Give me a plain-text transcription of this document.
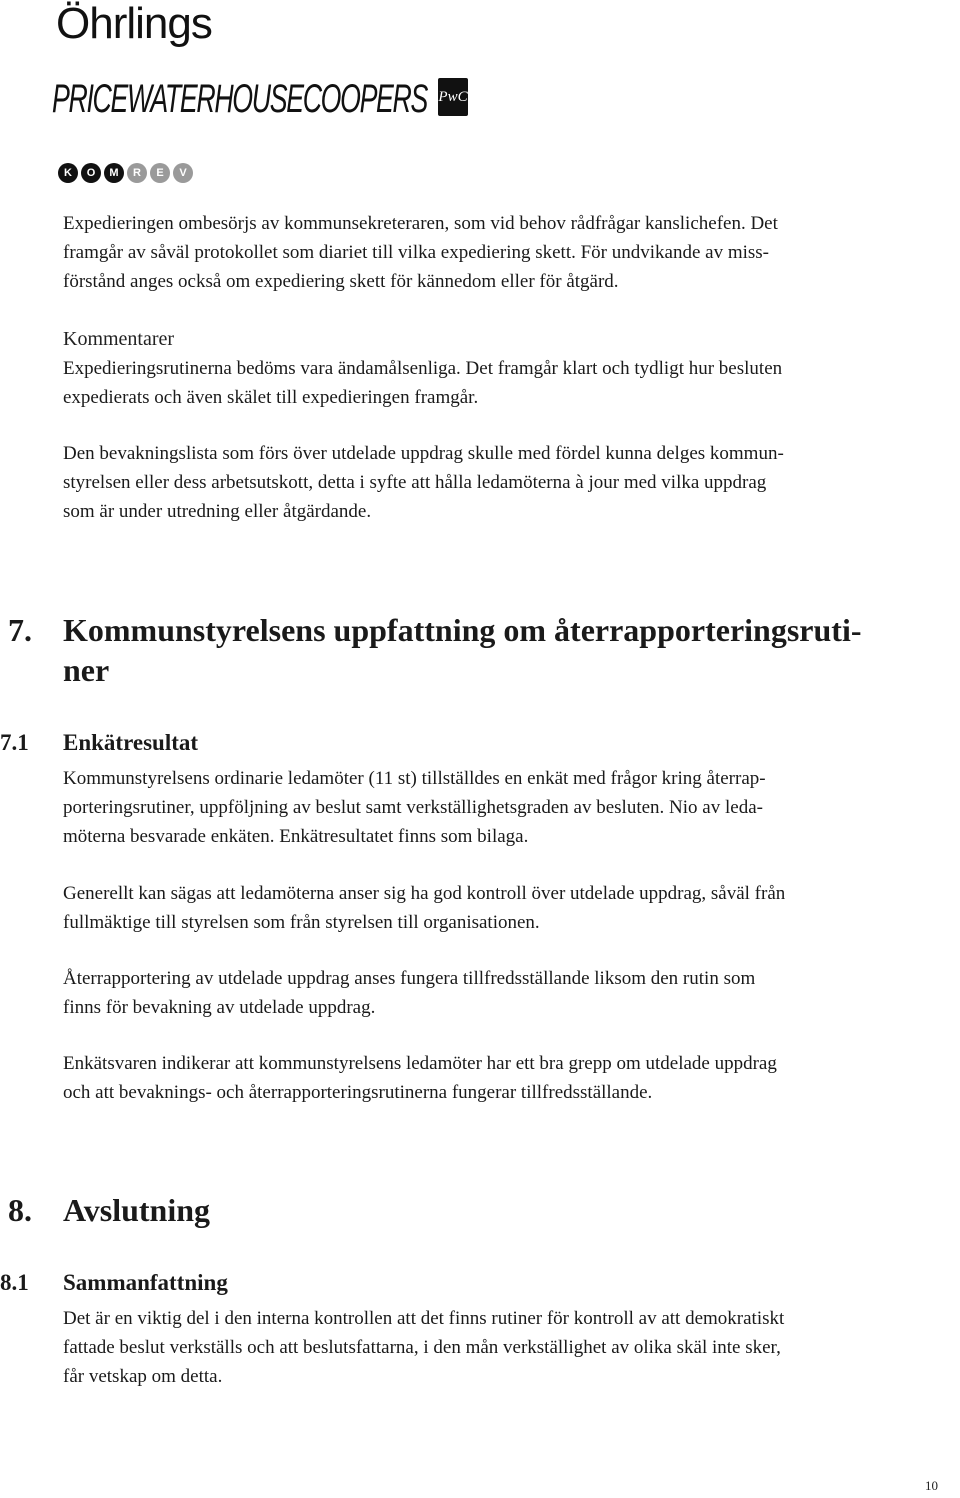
Öhrlings
PRICEWATERHOUSECOOPERS PwC
K	O	M	R	E	V
Expedieringen ombesörjs av kommunsekreteraren, som vid behov rådfrågar kanslichefen. Det
framgår av såväl protokollet som diariet till vilka expediering skett. För undvikande av miss-
förstånd anges också om expediering skett för kännedom eller för åtgärd.
Kommentarer
Expedieringsrutinerna bedöms vara ändamålsenliga. Det framgår klart och tydligt hur besluten
expedierats och även skälet till expedieringen framgår.
Den bevakningslista som förs över utdelade uppdrag skulle med fördel kunna delges kommun-
styrelsen eller dess arbetsutskott, detta i syfte att hålla ledamöterna à jour med vilka uppdrag
som är under utredning eller åtgärdande.
7. Kommunstyrelsens uppfattning om återrapporteringsruti-
ner
7.1	Enkätresultat
Kommunstyrelsens ordinarie ledamöter (11 st) tillställdes en enkät med frågor kring återrap-
porteringsrutiner, uppföljning av beslut samt verkställighetsgraden av besluten. Nio av leda-
möterna besvarade enkäten. Enkätresultatet finns som bilaga.
Generellt kan sägas att ledamöterna anser sig ha god kontroll över utdelade uppdrag, såväl från
fullmäktige till styrelsen som från styrelsen till organisationen.
Återrapportering av utdelade uppdrag anses fungera tillfredsställande liksom den rutin som
finns för bevakning av utdelade uppdrag.
Enkätsvaren indikerar att kommunstyrelsens ledamöter har ett bra grepp om utdelade uppdrag
och att bevaknings- och återrapporteringsrutinerna fungerar tillfredsställande.
8. Avslutning
8.1	Sammanfattning
Det är en viktig del i den interna kontrollen att det finns rutiner för kontroll av att demokratiskt
fattade beslut verkställs och att beslutsfattarna, i den mån verkställighet av olika skäl inte sker,
får vetskap om detta.
10
